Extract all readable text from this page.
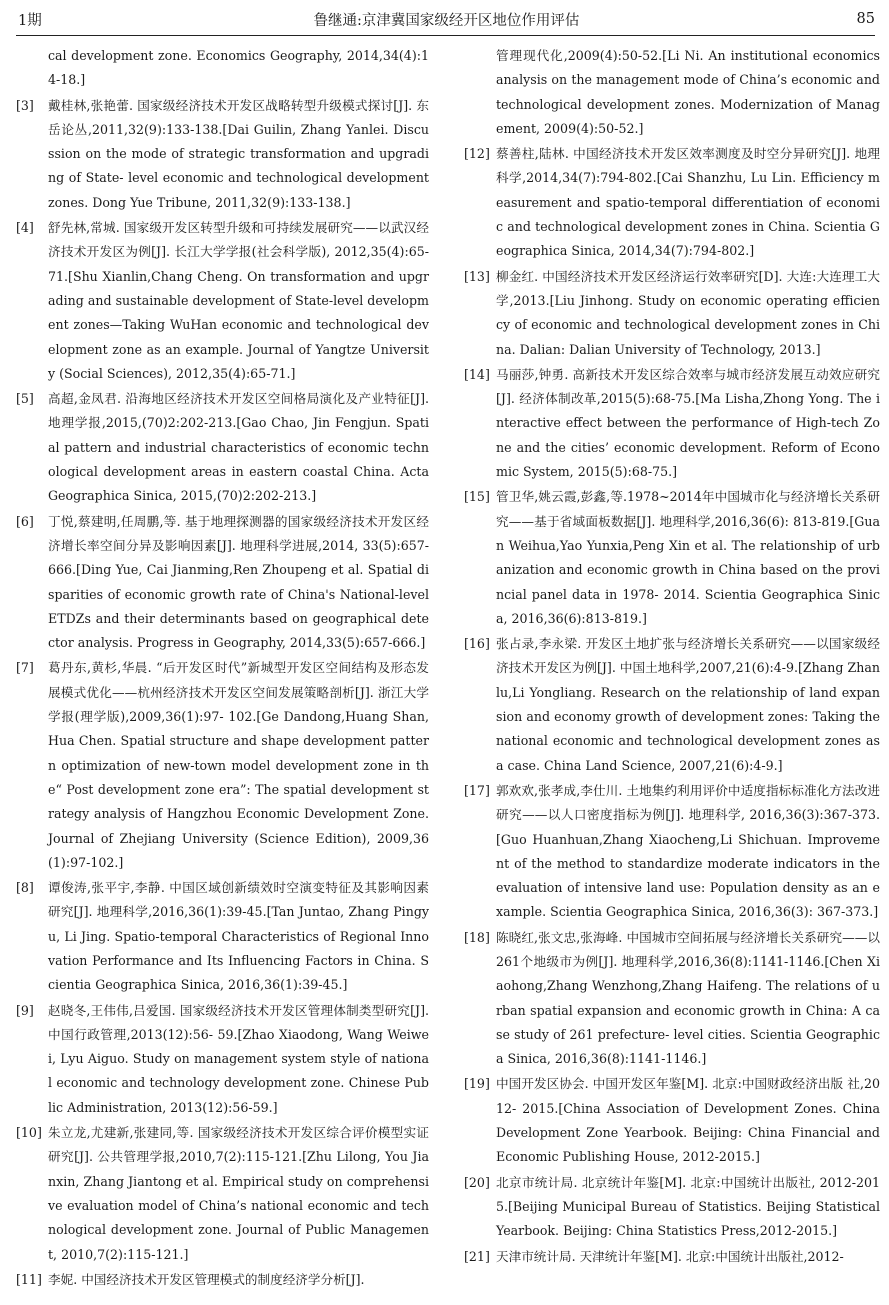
1期	鲁继通:京津冀国家级经开区地位作用评估	85
cal development zone. Economics Geography, 2014,34(4):14-18.]
[3] 戴桂林,张艳蕾. 国家级经济技术开发区战略转型升级模式探讨[J]. 东岳论丛,2011,32(9):133-138.[Dai Guilin, Zhang Yanlei. Discussion on the mode of strategic transformation and upgrading of State- level economic and technological development zones. Dong Yue Tribune, 2011,32(9):133-138.]
[4] 舒先林,常城. 国家级开发区转型升级和可持续发展研究——以武汉经济技术开发区为例[J]. 长江大学学报(社会科学版), 2012,35(4):65- 71.[Shu Xianlin,Chang Cheng. On transformation and upgrading and sustainable development of State-level development zones—Taking WuHan economic and technological development zone as an example. Journal of Yangtze University (Social Sciences), 2012,35(4):65-71.]
[5] 高超,金凤君. 沿海地区经济技术开发区空间格局演化及产业特征[J]. 地理学报,2015,(70)2:202-213.[Gao Chao, Jin Fengjun. Spatial pattern and industrial characteristics of economic technological development areas in eastern coastal China. Acta Geographica Sinica, 2015,(70)2:202-213.]
[6] 丁悦,蔡建明,任周鹏,等. 基于地理探测器的国家级经济技术开发区经济增长率空间分异及影响因素[J]. 地理科学进展,2014, 33(5):657- 666.[Ding Yue, Cai Jianming,Ren Zhoupeng et al. Spatial disparities of economic growth rate of China's National-level ETDZs and their determinants based on geographical detector analysis. Progress in Geography, 2014,33(5):657-666.]
[7] 葛丹东,黄杉,华晨. “后开发区时代”新城型开发区空间结构及形态发展模式优化——杭州经济技术开发区空间发展策略剖析[J]. 浙江大学学报(理学版),2009,36(1):97- 102.[Ge Dandong,Huang Shan,Hua Chen. Spatial structure and shape development pattern optimization of new-town model development zone in the“ Post development zone era”: The spatial development strategy analysis of Hangzhou Economic Development Zone. Journal of Zhejiang University (Science Edition), 2009,36(1):97-102.]
[8] 谭俊涛,张平宇,李静. 中国区域创新绩效时空演变特征及其影响因素研究[J]. 地理科学,2016,36(1):39-45.[Tan Juntao, Zhang Pingyu, Li Jing. Spatio-temporal Characteristics of Regional Innovation Performance and Its Influencing Factors in China. Scientia Geographica Sinica, 2016,36(1):39-45.]
[9] 赵晓冬,王伟伟,吕爱国. 国家级经济技术开发区管理体制类型研究[J]. 中国行政管理,2013(12):56- 59.[Zhao Xiaodong, Wang Weiwei, Lyu Aiguo. Study on management system style of national economic and technology development zone. Chinese Public Administration, 2013(12):56-59.]
[10] 朱立龙,尤建新,张建同,等. 国家级经济技术开发区综合评价模型实证研究[J]. 公共管理学报,2010,7(2):115-121.[Zhu Lilong, You Jianxin, Zhang Jiantong et al. Empirical study on comprehensive evaluation model of China’s national economic and technological development zone. Journal of Public Management, 2010,7(2):115-121.]
[11] 李妮. 中国经济技术开发区管理模式的制度经济学分析[J].
管理现代化,2009(4):50-52.[Li Ni. An institutional economics analysis on the management mode of China’s economic and technological development zones. Modernization of Management, 2009(4):50-52.]
[12] 蔡善柱,陆林. 中国经济技术开发区效率测度及时空分异研究[J]. 地理科学,2014,34(7):794-802.[Cai Shanzhu, Lu Lin. Efficiency measurement and spatio-temporal differentiation of economic and technological development zones in China. Scientia Geographica Sinica, 2014,34(7):794-802.]
[13] 柳金红. 中国经济技术开发区经济运行效率研究[D]. 大连:大连理工大学,2013.[Liu Jinhong. Study on economic operating efficiency of economic and technological development zones in China. Dalian: Dalian University of Technology, 2013.]
[14] 马丽莎,钟勇. 高新技术开发区综合效率与城市经济发展互动效应研究[J]. 经济体制改革,2015(5):68-75.[Ma Lisha,Zhong Yong. The interactive effect between the performance of High-tech Zone and the cities’ economic development. Reform of Economic System, 2015(5):68-75.]
[15] 管卫华,姚云霞,彭鑫,等.1978~2014年中国城市化与经济增长关系研究——基于省域面板数据[J]. 地理科学,2016,36(6): 813-819.[Guan Weihua,Yao Yunxia,Peng Xin et al. The relationship of urbanization and economic growth in China based on the provincial panel data in 1978- 2014. Scientia Geographica Sinica, 2016,36(6):813-819.]
[16] 张占录,李永梁. 开发区土地扩张与经济增长关系研究——以国家级经济技术开发区为例[J]. 中国土地科学,2007,21(6):4-9.[Zhang Zhanlu,Li Yongliang. Research on the relationship of land expansion and economy growth of development zones: Taking the national economic and technological development zones as a case. China Land Science, 2007,21(6):4-9.]
[17] 郭欢欢,张孝成,李仕川. 土地集约利用评价中适度指标标准化方法改进研究——以人口密度指标为例[J]. 地理科学, 2016,36(3):367-373.[Guo Huanhuan,Zhang Xiaocheng,Li Shichuan. Improvement of the method to standardize moderate indicators in the evaluation of intensive land use: Population density as an example. Scientia Geographica Sinica, 2016,36(3): 367-373.]
[18] 陈晓红,张文忠,张海峰. 中国城市空间拓展与经济增长关系研究——以261个地级市为例[J]. 地理科学,2016,36(8):1141-1146.[Chen Xiaohong,Zhang Wenzhong,Zhang Haifeng. The relations of urban spatial expansion and economic growth in China: A case study of 261 prefecture- level cities. Scientia Geographica Sinica, 2016,36(8):1141-1146.]
[19] 中国开发区协会. 中国开发区年鉴[M]. 北京:中国财政经济出版 社,2012- 2015.[China Association of Development Zones. China Development Zone Yearbook. Beijing: China Financial and Economic Publishing House, 2012-2015.]
[20] 北京市统计局. 北京统计年鉴[M]. 北京:中国统计出版社, 2012-2015.[Beijing Municipal Bureau of Statistics. Beijing Statistical Yearbook. Beijing: China Statistics Press,2012-2015.]
[21] 天津市统计局. 天津统计年鉴[M]. 北京:中国统计出版社,2012-
